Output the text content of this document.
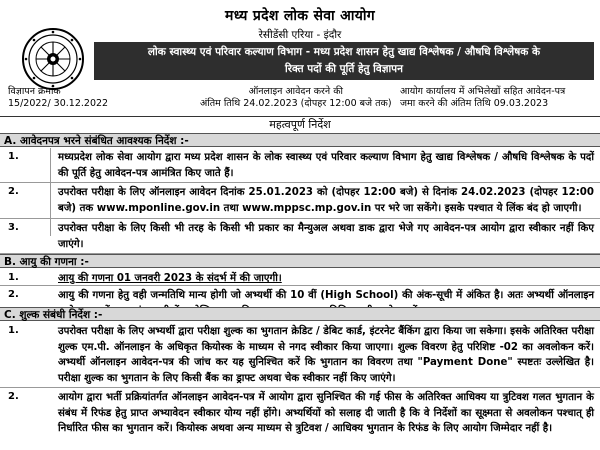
मध्य प्रदेश लोक सेवा आयोग
रेसीडेंसी एरिया - इंदौर
लोक स्वास्थ्य एवं परिवार कल्याण विभाग - मध्य प्रदेश शासन हेतु खाद्य विश्लेषक / औषधि विश्लेषक के
रिक्त पदों की पूर्ति हेतु विज्ञापन
विज्ञापन क्रमांक
15/2022/ 30.12.2022
ऑनलाइन आवेदन करने की
अंतिम तिथि 24.02.2023 (दोपहर 12:00 बजे तक)
आयोग कार्यालय में अभिलेखों सहित आवेदन-पत्र
जमा करने की अंतिम तिथि 09.03.2023
महत्वपूर्ण निर्देश
A. आवेदनपत्र भरने संबंधित आवश्यक निर्देश :-
1.	मध्यप्रदेश लोक सेवा आयोग द्वारा मध्य प्रदेश शासन के लोक स्वास्थ्य एवं परिवार कल्याण विभाग हेतु खाद्य विश्लेषक / औषधि विश्लेषक के पदों की पूर्ति हेतु आवेदन-पत्र आमंत्रित किए जाते हैं।
2.	उपरोक्त परीक्षा के लिए ऑनलाइन आवेदन दिनांक 25.01.2023 को (दोपहर 12:00 बजे) से दिनांक 24.02.2023 (दोपहर 12:00 बजे) तक www.mponline.gov.in तथा www.mppsc.mp.gov.in पर भरे जा सकेंगे। इसके पश्चात ये लिंक बंद हो जाएगी।
3.	उपरोक्त परीक्षा के लिए किसी भी तरह के किसी भी प्रकार का मैन्युअल अथवा डाक द्वारा भेजे गए आवेदन-पत्र आयोग द्वारा स्वीकार नहीं किए जाएंगे।
B. आयु की गणना :-
1.	आयु की गणना 01 जनवरी 2023 के संदर्भ में की जाएगी।
2.	आयु की गणना हेतु वही जन्मतिथि मान्य होगी जो अभ्यर्थी की 10 वीं (High School) की अंक-सूची में अंकित है। अतः अभ्यर्थी ऑनलाइन
C. शुल्क संबंधी निर्देश :-
1.	उपरोक्त परीक्षा के लिए अभ्यर्थी द्वारा परीक्षा शुल्क का भुगतान क्रेडिट / डेबिट कार्ड, इंटरनेट बैंकिंग द्वारा किया जा सकेगा। इसके अतिरिक्त परीक्षा शुल्क एम.पी. ऑनलाइन के अधिकृत कियोस्क के माध्यम से नगद स्वीकार किया जाएगा। शुल्क विवरण हेतु परिशिष्ट -02 का अवलोकन करें। अभ्यर्थी ऑनलाइन आवेदन-पत्र की जांच कर यह सुनिश्चित करें कि भुगतान का विवरण तथा "Payment Done" स्पष्टतः उल्लेखित है। परीक्षा शुल्क का भुगतान के लिए किसी बैंक का ड्राफ्ट अथवा चेक स्वीकार नहीं किए जाएंगे।
2.	आयोग द्वारा भर्ती प्रक्रियांतर्गत ऑनलाइन आवेदन-पत्र में आयोग द्वारा सुनिश्चित की गई फीस के अतिरिक्त आधिक्य या त्रुटिवश गलत भुगतान के संबंध में रिफंड हेतु प्राप्त अभ्यावेदन स्वीकार योग्य नहीं होंगे। अभ्यर्थियों को सलाह दी जाती है कि वे निर्देशों का सूक्ष्मता से अवलोकन पश्चात् ही निर्धारित फीस का भुगतान करें। कियोस्क अथवा अन्य माध्यम से त्रुटिवश / आधिक्य भुगतान के रिफंड के लिए आयोग जिम्मेदार नहीं है।
